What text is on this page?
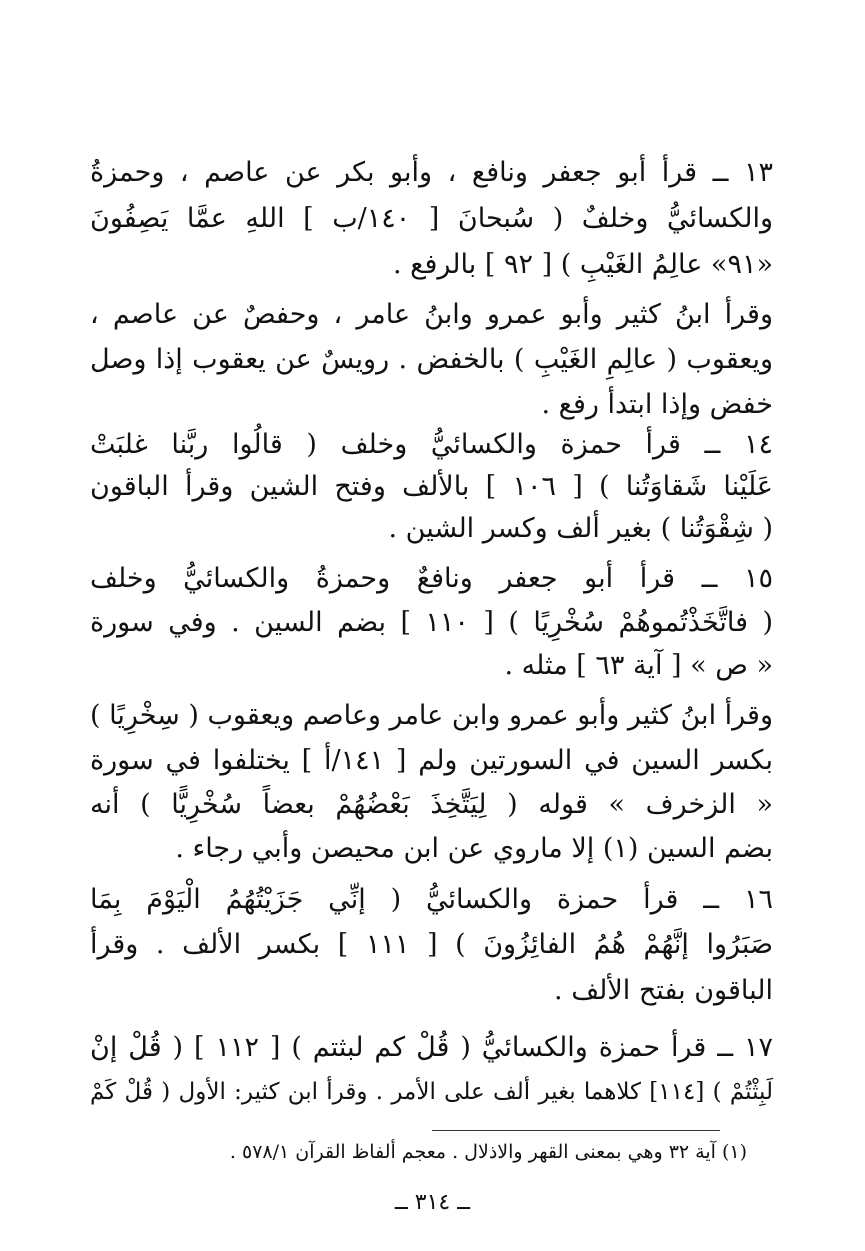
١٣ ــ قرأ أبو جعفر ونافع ، وأبو بكر عن عاصم ، وحمزةُ
والكسائيُّ وخلفٌ ( سُبحانَ [ ١٤٠/ب ] اللهِ عمَّا يَصِفُونَ
«٩١» عالِمُ الغَيْبِ ) [ ٩٢ ] بالرفع .
وقرأ ابنُ كثير وأبو عمرو وابنُ عامر ، وحفصٌ عن عاصم ،
ويعقوب ( عالِمِ الغَيْبِ ) بالخفض . رويسٌ عن يعقوب إذا وصل
خفض وإذا ابتدأ رفع .
١٤ ــ قرأ حمزة والكسائيُّ وخلف ( قالُوا ربَّنا غلبَتْ
عَلَيْنا شَقاوَتُنا ) [ ١٠٦ ] بالألف وفتح الشين وقرأ الباقون
( شِقْوَتُنا ) بغير ألف وكسر الشين .
١٥ ــ قرأ أبو جعفر ونافعٌ وحمزةُ والكسائيُّ وخلف
( فاتَّخَذْتُموهُمْ سُخْرِيًا ) [ ١١٠ ] بضم السين . وفي سورة
« ص » [ آية ٦٣ ] مثله .
وقرأ ابنُ كثير وأبو عمرو وابن عامر وعاصم ويعقوب ( سِخْرِيًا )
بكسر السين في السورتين ولم [ ١٤١/أ ] يختلفوا في سورة
« الزخرف » قوله ( لِيَتَّخِذَ بَعْضُهُمْ بعضاً سُخْرِيًّا ) أنه
بضم السين (١) إلا ماروي عن ابن محيصن وأبي رجاء .
١٦ ــ قرأ حمزة والكسائيُّ ( إنِّي جَزَيْتُهُمُ الْيَوْمَ بِمَا
صَبَرُوا إنَّهُمْ هُمُ الفائِزُونَ ) [ ١١١ ] بكسر الألف . وقرأ
الباقون بفتح الألف .
١٧ ــ قرأ حمزة والكسائيُّ ( قُلْ كم لبثتم ) [ ١١٢ ] ( قُلْ إنْ
لَبِثْتُمْ ) [١١٤] كلاهما بغير ألف على الأمر . وقرأ ابن كثير: الأول ( قُلْ كَمْ
(١) آية ٣٢ وهي بمعنى القهر والاذلال . معجم ألفاظ القرآن ٥٧٨/١ .
ــ ٣١٤ ــ
